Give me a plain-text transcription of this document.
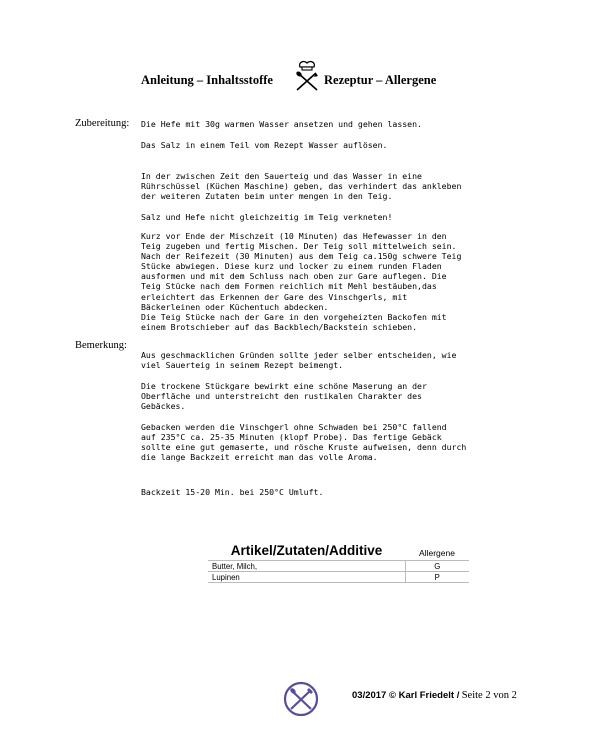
Anleitung – Inhaltsstoffe	Rezeptur – Allergene
Zubereitung: Die Hefe mit 30g warmen Wasser ansetzen und gehen lassen.

Das Salz in einem Teil vom Rezept Wasser auflösen.

In der zwischen Zeit den Sauerteig und das Wasser in eine
Rührschüssel (Küchen Maschine) geben, das verhindert das ankleben
der weiteren Zutaten beim unter mengen in den Teig.

Salz und Hefe nicht gleichzeitig im Teig verkneten!

Kurz vor Ende der Mischzeit (10 Minuten) das Hefewasser in den
Teig zugeben und fertig Mischen. Der Teig soll mittelweich sein.
Nach der Reifezeit (30 Minuten) aus dem Teig ca.150g schwere Teig
Stücke abwiegen. Diese kurz und locker zu einem runden Fladen
ausformen und mit dem Schluss nach oben zur Gare auflegen. Die
Teig Stücke nach dem Formen reichlich mit Mehl bestäuben,das
erleichtert das Erkennen der Gare des Vinschgerls, mit
Bäckerleinen oder Küchentuch abdecken.
Die Teig Stücke nach der Gare in den vorgeheizten Backofen mit
einem Brotschieber auf das Backblech/Backstein schieben.

Bemerkung:

Aus geschmacklichen Gründen sollte jeder selber entscheiden, wie
viel Sauerteig in seinem Rezept beimengt.

Die trockene Stückgare bewirkt eine schöne Maserung an der
Oberfläche und unterstreicht den rustikalen Charakter des
Gebäckes.

Gebacken werden die Vinschgerl ohne Schwaden bei 250°C fallend
auf 235°C ca. 25-35 Minuten (klopf Probe). Das fertige Gebäck
sollte eine gut gemaserte, und rösche Kruste aufweisen, denn durch
die lange Backzeit erreicht man das volle Aroma.

Backzeit 15-20 Min. bei 250°C Umluft.

Artikel/Zutaten/Additive	Allergene
Butter, Milch,	G
Lupinen	P
03/2017 © Karl Friedelt / Seite 2 von 2
